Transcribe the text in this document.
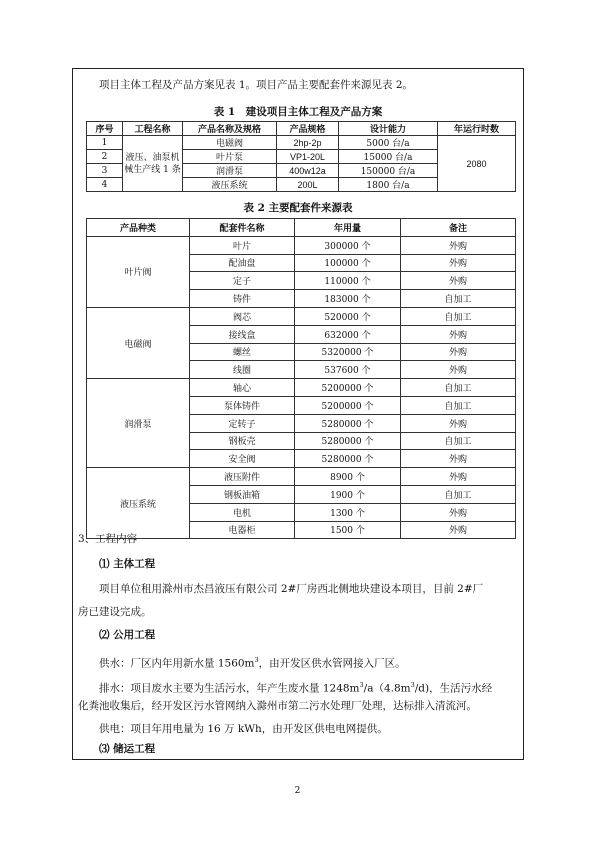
项目主体工程及产品方案见表 1。项目产品主要配套件来源见表 2。
表 1　建设项目主体工程及产品方案
序号	工程名称	产品名称及规格	产品规格	设计能力	年运行时数
1	液压、油泵机械生产线 1 条	电磁阀	2hp-2p	5000 台/a	2080
2		叶片泵	VP1-20L	15000 台/a	
3		润滑泵	400w12a	150000 台/a	
4		液压系统	200L	1800 台/a	
表 2 主要配套件来源表
产品种类	配套件名称	年用量	备注
叶片阀	叶片	300000 个	外购
	配油盘	100000 个	外购
	定子	110000 个	外购
	铸件	183000 个	自加工
电磁阀	阀芯	520000 个	自加工
	接线盒	632000 个	外购
	螺丝	5320000 个	外购
	线圈	537600 个	外购
润滑泵	轴心	5200000 个	自加工
	泵体铸件	5200000 个	自加工
	定转子	5280000 个	外购
	钢板壳	5280000 个	自加工
	安全阀	5280000 个	外购
液压系统	液压附件	8900 个	外购
	钢板油箱	1900 个	自加工
	电机	1300 个	外购
	电器柜	1500 个	外购
3、工程内容
⑴ 主体工程
项目单位租用滁州市杰昌液压有限公司 2#厂房西北侧地块建设本项目，目前 2#厂
房已建设完成。
⑵ 公用工程
供水：厂区内年用新水量 $1560m^3$，由开发区供水管网接入厂区。
排水：项目废水主要为生活污水，年产生废水量 $1248m^3/a(4.8m^3/d)$，生活污水经
化粪池收集后，经开发区污水管网纳入滁州市第二污水处理厂处理，达标排入清流河。
供电：项目年用电量为 16 万 kWh，由开发区供电电网提供。
⑶ 储运工程
2
